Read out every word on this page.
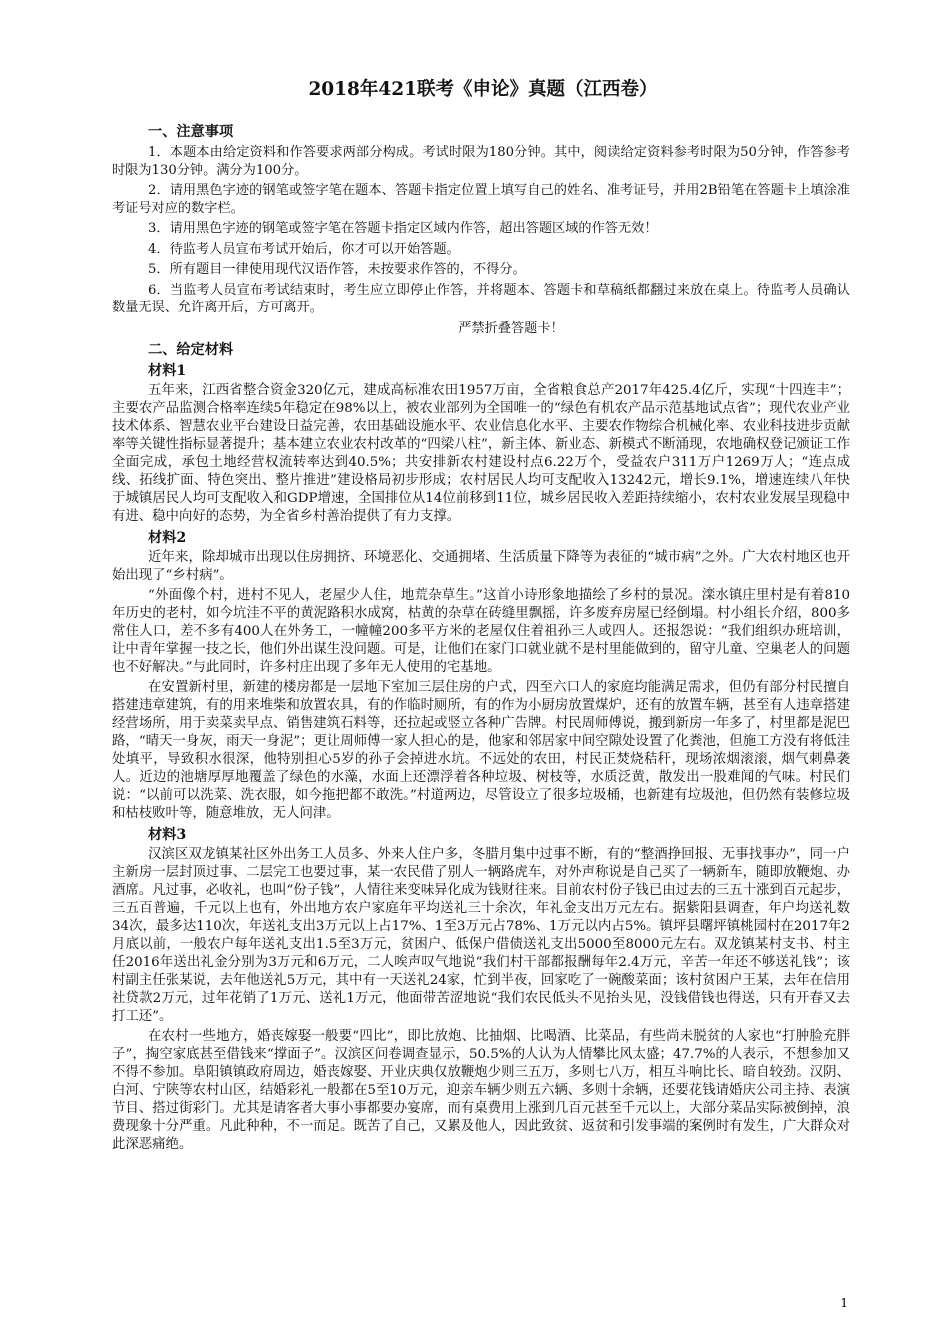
2018年421联考《申论》真题（江西卷）
一、注意事项

1．本题本由给定资料和作答要求两部分构成。考试时限为180分钟。其中，阅读给定资料参考时限为50分钟，作答参考时限为130分钟。满分为100分。

2．请用黑色字迹的钢笔或签字笔在题本、答题卡指定位置上填写自己的姓名、准考证号，并用2B铅笔在答题卡上填涂准考证号对应的数字栏。

3．请用黑色字迹的钢笔或签字笔在答题卡指定区域内作答，超出答题区域的作答无效！

4．待监考人员宣布考试开始后，你才可以开始答题。

5．所有题目一律使用现代汉语作答，未按要求作答的，不得分。

6．当监考人员宣布考试结束时，考生应立即停止作答，并将题本、答题卡和草稿纸都翻过来放在桌上。待监考人员确认数量无误、允许离开后，方可离开。

严禁折叠答题卡！
二、给定材料
材料1

五年来，江西省整合资金320亿元，建成高标准农田1957万亩，全省粮食总产2017年425.4亿斤，实现“十四连丰”；主要农产品监测合格率连续5年稳定在98%以上，被农业部列为全国唯一的“绿色有机农产品示范基地试点省”；现代农业产业技术体系、智慧农业平台建设日益完善，农田基础设施水平、农业信息化水平、主要农作物综合机械化率、农业科技进步贡献率等关键性指标显著提升；基本建立农业农村改革的“四梁八柱”，新主体、新业态、新模式不断涌现，农地确权登记颁证工作全面完成，承包土地经营权流转率达到40.5%；共安排新农村建设村点6.22万个，受益农户311万户1269万人；“连点成线、拓线扩面、特色突出、整片推进”建设格局初步形成；农村居民人均可支配收入13242元，增长9.1%，增速连续八年快于城镇居民人均可支配收入和GDP增速，全国排位从14位前移到11位，城乡居民收入差距持续缩小，农村农业发展呈现稳中有进、稳中向好的态势，为全省乡村善治提供了有力支撑。

材料2

近年来，除却城市出现以住房拥挤、环境恶化、交通拥堵、生活质量下降等为表征的“城市病”之外。广大农村地区也开始出现了“乡村病”。

“外面像个村，进村不见人，老屋少人住，地荒杂草生。”这首小诗形象地描绘了乡村的景况。滦水镇庄里村是有着810年历史的老村，如今坑洼不平的黄泥路积水成窝，枯黄的杂草在砖缝里飘摇，许多废弃房屋已经倒塌。村小组长介绍，800多常住人口，差不多有400人在外务工，一幢幢200多平方米的老屋仅住着祖孙三人或四人。还报怨说：“我们组织办班培训，让中青年掌握一技之长，他们外出谋生没问题。可是，让他们在家门口就业就不是村里能做到的，留守儿童、空巢老人的问题也不好解决。”与此同时，许多村庄出现了多年无人使用的宅基地。

在安置新村里，新建的楼房都是一层地下室加三层住房的户式，四至六口人的家庭均能满足需求，但仍有部分村民擅自搭建违章建筑，有的用来堆柴和放置农具，有的作临时厕所，有的作为小厨房放置煤炉，还有的放置车辆，甚至有人违章搭建经营场所，用于卖菜卖早点、销售建筑石料等，还拉起或竖立各种广告牌。村民周师傅说，搬到新房一年多了，村里都是泥巴路，“晴天一身灰，雨天一身泥”；更让周师傅一家人担心的是，他家和邻居家中间空隙处设置了化粪池，但施工方没有将低洼处填平，导致积水很深，他特别担心5岁的孙子会掉进水坑。不远处的农田，村民正焚烧秸秆，现场浓烟滚滚，烟气刺鼻袭人。近边的池塘厚厚地覆盖了绿色的水藻，水面上还漂浮着各种垃圾、树枝等，水质泛黄，散发出一股难闻的气味。村民们说：“以前可以洗菜、洗衣服，如今拖把都不敢洗。”村道两边，尽管设立了很多垃圾桶，也新建有垃圾池，但仍然有装修垃圾和枯枝败叶等，随意堆放，无人问津。

材料3

汉滨区双龙镇某社区外出务工人员多、外来人住户多，冬腊月集中过事不断，有的“整酒挣回报、无事找事办”，同一户主新房一层封顶过事、二层完工也要过事，某一农民借了别人一辆路虎车，对外声称说是自己买了一辆新车，随即放鞭炮、办酒席。凡过事，必收礼，也叫“份子钱”，人情往来变味异化成为钱财往来。目前农村份子钱已由过去的三五十涨到百元起步，三五百普遍，千元以上也有，外出地方农户家庭年平均送礼三十余次，年礼金支出万元左右。据紫阳县调查，年户均送礼数34次，最多达110次，年送礼支出3万元以上占17%、1至3万元占78%、1万元以内占5%。镇坪县曙坪镇桃园村在2017年2月底以前，一般农户每年送礼支出1.5至3万元，贫困户、低保户借债送礼支出5000至8000元左右。双龙镇某村支书、村主任2016年送出礼金分别为3万元和6万元，二人唉声叹气地说“我们村干部都报酬每年2.4万元，辛苦一年还不够送礼钱”；该村副主任张某说，去年他送礼5万元，其中有一天送礼24家，忙到半夜，回家吃了一碗酸菜面；该村贫困户王某，去年在信用社贷款2万元，过年花销了1万元、送礼1万元，他面带苦涩地说“我们农民低头不见抬头见，没钱借钱也得送，只有开春又去打工还”。

在农村一些地方，婚丧嫁娶一般要“四比”，即比放炮、比抽烟、比喝酒、比菜品，有些尚未脱贫的人家也“打肿脸充胖子”，掏空家底甚至借钱来“撑面子”。汉滨区问卷调查显示，50.5%的人认为人情攀比风太盛；47.7%的人表示，不想参加又不得不参加。阜阳镇镇政府周边，婚丧嫁娶、开业庆典仅放鞭炮少则三五万，多则七八万，相互斗响比长、暗自较劲。汉阴、白河、宁陕等农村山区，结婚彩礼一般都在5至10万元，迎亲车辆少则五六辆、多则十余辆，还要花钱请婚庆公司主持、表演节目、搭过街彩门。尤其是请客者大事小事都要办宴席，而有桌费用上涨到几百元甚至千元以上，大部分菜品实际被倒掉，浪费现象十分严重。凡此种种，不一而足。既苦了自己，又累及他人，因此致贫、返贫和引发事端的案例时有发生，广大群众对此深恶痛绝。

1
